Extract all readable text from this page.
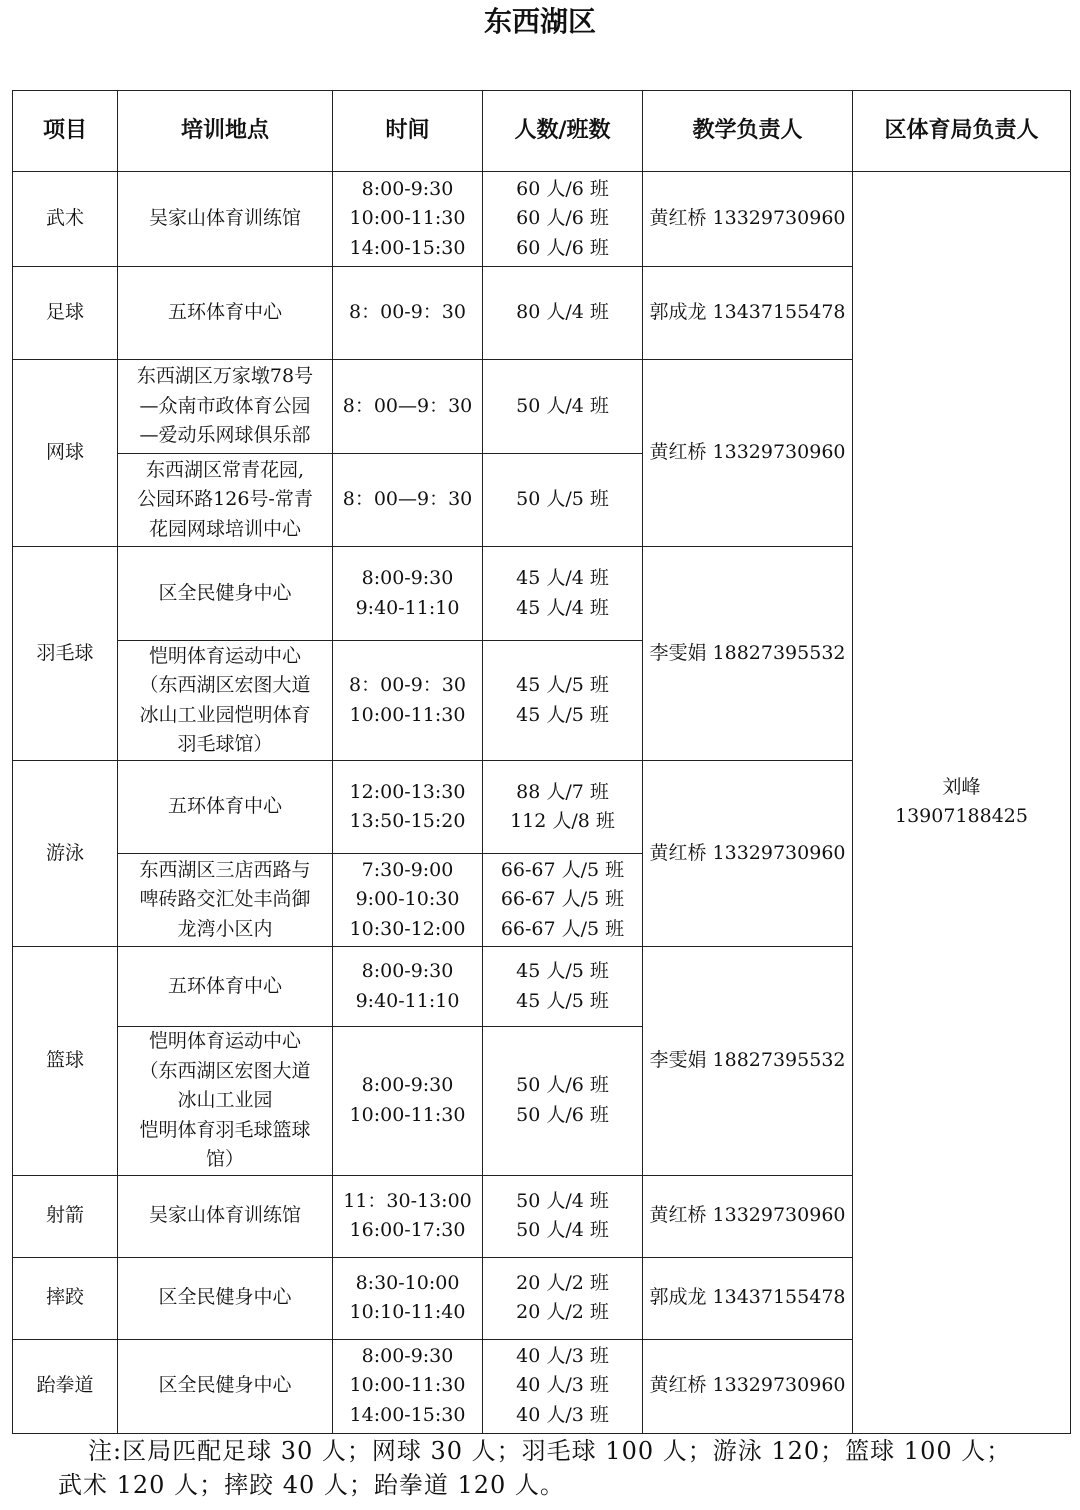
东西湖区
项目	培训地点	时间	人数/班数	教学负责人	区体育局负责人
武术	吴家山体育训练馆	8:00-9:30
10:00-11:30
14:00-15:30	60 人/6 班
60 人/6 班
60 人/6 班	黄红桥 13329730960	刘峰
13907188425

足球	五环体育中心	8：00-9：30	80 人/4 班	郭成龙 13437155478	
网球	东西湖区万家墩78号
—众南市政体育公园
—爱动乐网球俱乐部	8：00—9：30	50 人/4 班	黄红桥 13329730960	

	东西湖区常青花园,
公园环路126号-常青
花园网球培训中心	8：00—9：30	50 人/5 班		
羽毛球	区全民健身中心	8:00-9:30
9:40-11:10	45 人/4 班
45 人/4 班	李雯娟 18827395532	

	恺明体育运动中心
（东西湖区宏图大道
冰山工业园恺明体育
羽毛球馆）	8：00-9：30
10:00-11:30	45 人/5 班
45 人/5 班		

游泳	五环体育中心	12:00-13:30
13:50-15:20	88 人/7 班
112 人/8 班	黄红桥 13329730960	

	东西湖区三店西路与
啤砖路交汇处丰尚御
龙湾小区内	7:30-9:00
9:00-10:30
10:30-12:00	66-67 人/5 班
66-67 人/5 班
66-67 人/5 班		

篮球	五环体育中心	8:00-9:30
9:40-11:10	45 人/5 班
45 人/5 班	李雯娟 18827395532	

	恺明体育运动中心
（东西湖区宏图大道
冰山工业园
恺明体育羽毛球篮球
馆）	8:00-9:30
10:00-11:30	50 人/6 班
50 人/6 班		

射箭	吴家山体育训练馆	11：30-13:00
16:00-17:30	50 人/4 班
50 人/4 班	黄红桥 13329730960	
摔跤	区全民健身中心	8:30-10:00
10:10-11:40	20 人/2 班
20 人/2 班	郭成龙 13437155478	
跆拳道	区全民健身中心	8:00-9:30
10:00-11:30
14:00-15:30	40 人/3 班
40 人/3 班
40 人/3 班	黄红桥 13329730960	
注:区局匹配足球 30 人；网球 30 人；羽毛球 100 人；游泳 120；篮球 100 人；
武术 120 人；摔跤 40 人；跆拳道 120 人。
